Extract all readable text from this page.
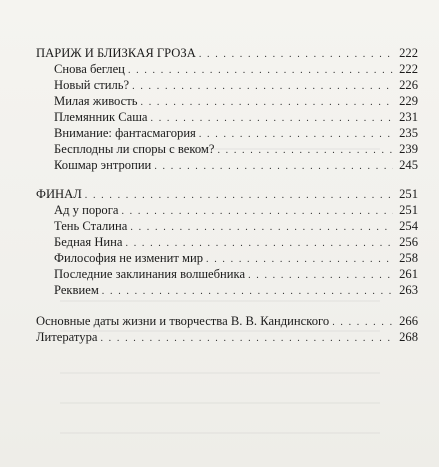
ПАРИЖ И БЛИЗКАЯ ГРОЗА . . .	222
Снова беглец . . .	222
Новый стиль? . . .	226
Милая живость . . .	229
Племянник Саша . . .	231
Внимание: фантасмагория . . .	235
Бесплодны ли споры с веком? . . .	239
Кошмар энтропии . . .	245
ФИНАЛ . . .	251
Ад у порога . . .	251
Тень Сталина . . .	254
Бедная Нина . . .	256
Философия не изменит мир . . .	258
Последние заклинания волшебника . . .	261
Реквием . . .	263
Основные даты жизни и творчества В. В. Кандинского . . .	266
Литература . . .	268
